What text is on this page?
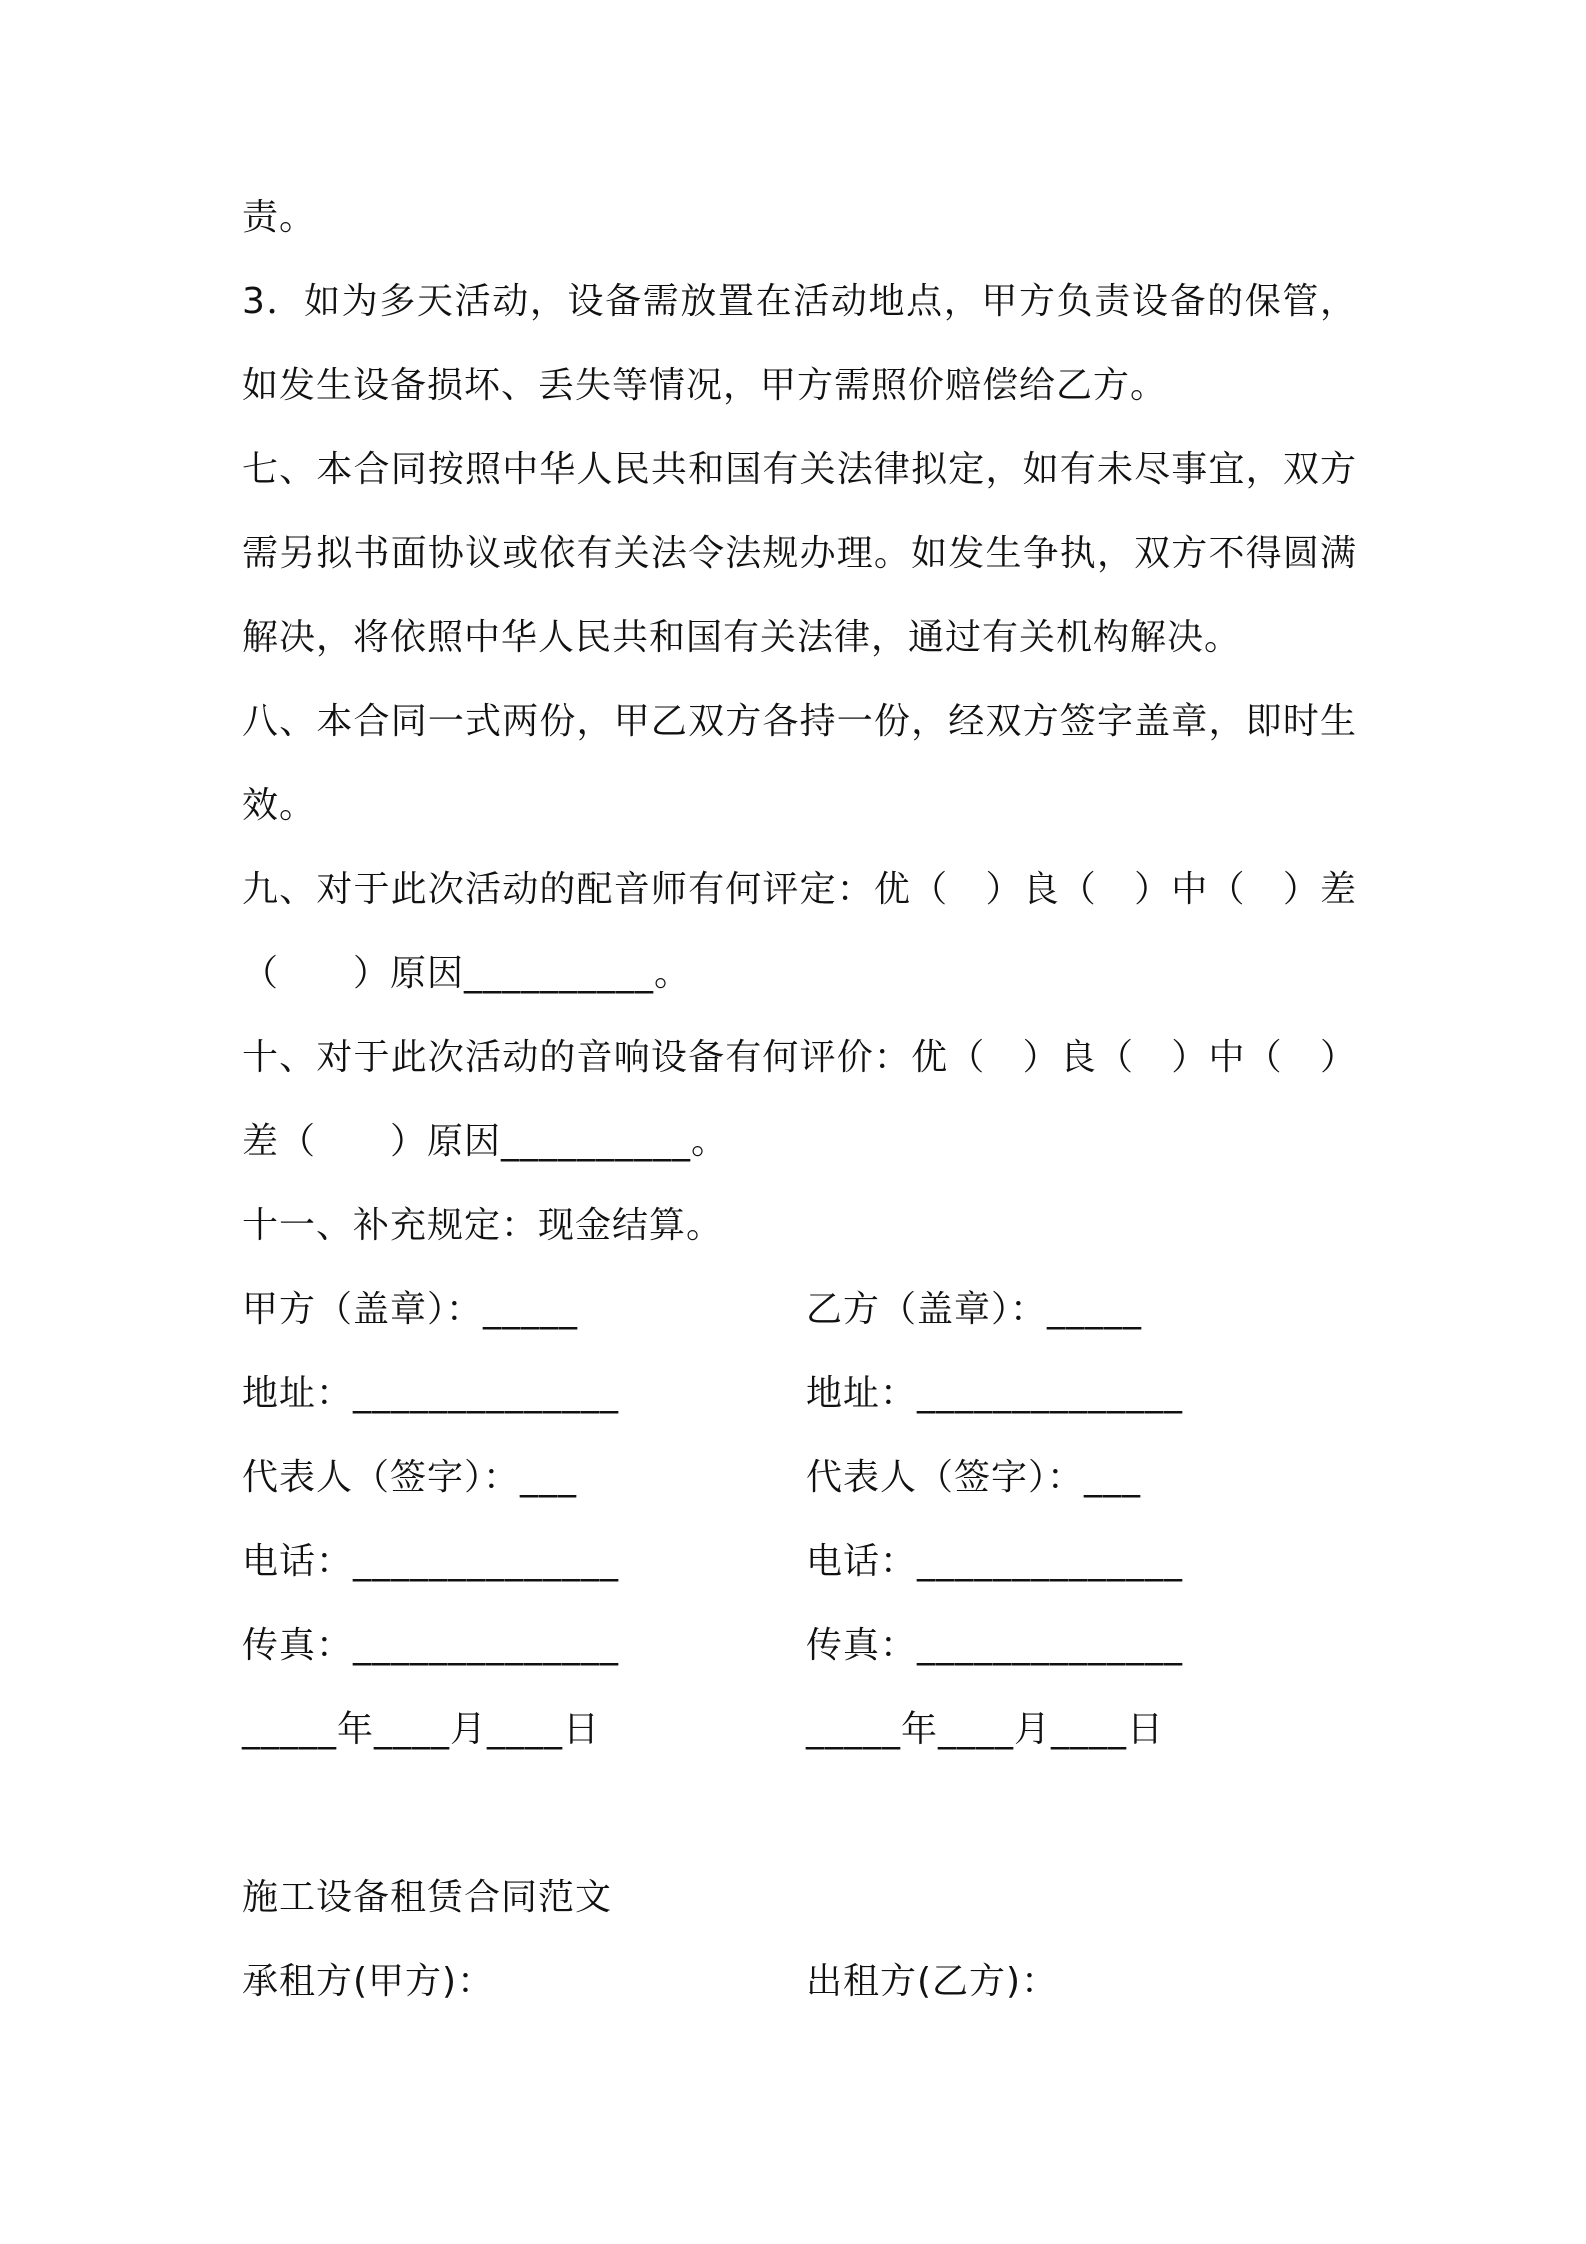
责。
3．如为多天活动，设备需放置在活动地点，甲方负责设备的保管，
如发生设备损坏、丢失等情况，甲方需照价赔偿给乙方。
七、本合同按照中华人民共和国有关法律拟定，如有未尽事宜，双方
需另拟书面协议或依有关法令法规办理。如发生争执，双方不得圆满
解决，将依照中华人民共和国有关法律，通过有关机构解决。
八、本合同一式两份，甲乙双方各持一份，经双方签字盖章，即时生
效。
九、对于此次活动的配音师有何评定：优（　）良（　）中（　）差
（　　）原因__________。
十、对于此次活动的音响设备有何评价：优（　）良（　）中（　）
差（　　）原因__________。
十一、补充规定：现金结算。
甲方（盖章）：_____	乙方（盖章）：_____
地址：______________	地址：______________
代表人（签字）：___	代表人（签字）：___
电话：______________	电话：______________
传真：______________	传真：______________
_____年____月____日	_____年____月____日
施工设备租赁合同范文
承租方(甲方)：	出租方(乙方)：
